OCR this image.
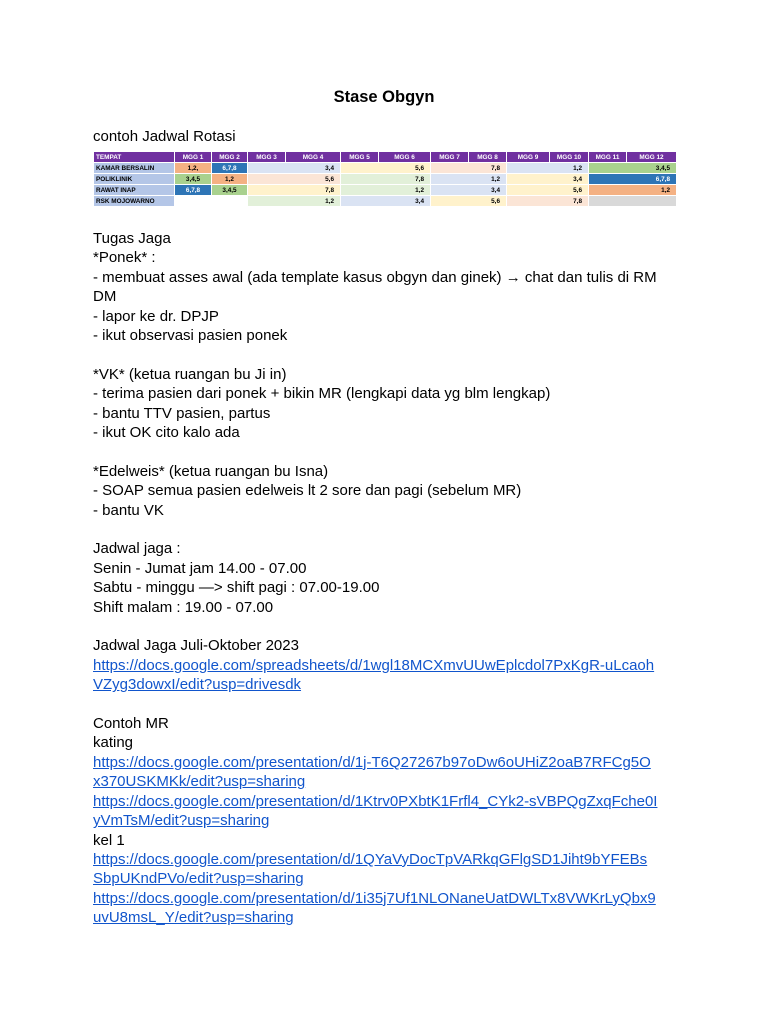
Stase Obgyn
contoh Jadwal Rotasi
TEMPAT	MGG 1	MGG 2	MGG 3	MGG 4	MGG 5	MGG 6	MGG 7	MGG 8	MGG 9	MGG 10	MGG 11	MGG 12
KAMAR BERSALIN	1,2,	6,7,8	3,4		5,6		7,8		1,2		3,4,5	
POLIKLINIK	3,4,5	1,2	5,6		7,8		1,2		3,4		6,7,8	
RAWAT INAP	6,7,8	3,4,5	7,8		1,2		3,4		5,6		1,2	
RSK MOJOWARNO			1,2		3,4		5,6		7,8			
Tugas Jaga
*Ponek* :
- membuat asses awal (ada template kasus obgyn dan ginek) → chat dan tulis di RM
DM
- lapor ke dr. DPJP
- ikut observasi pasien ponek
*VK* (ketua ruangan bu Ji in)
- terima pasien dari ponek + bikin MR (lengkapi data yg blm lengkap)
- bantu TTV pasien, partus
- ikut OK cito kalo ada
*Edelweis* (ketua ruangan bu Isna)
- SOAP semua pasien edelweis lt 2 sore dan pagi (sebelum MR)
- bantu VK
Jadwal jaga :
Senin - Jumat jam 14.00 - 07.00
Sabtu - minggu —> shift pagi : 07.00-19.00
Shift malam : 19.00 - 07.00
Jadwal Jaga Juli-Oktober 2023
https://docs.google.com/spreadsheets/d/1wgl18MCXmvUUwEplcdol7PxKgR-uLcaoh
VZyg3dowxI/edit?usp=drivesdk
Contoh MR
kating
https://docs.google.com/presentation/d/1j-T6Q27267b97oDw6oUHiZ2oaB7RFCg5O
x370USKMKk/edit?usp=sharing
https://docs.google.com/presentation/d/1Ktrv0PXbtK1Frfl4_CYk2-sVBPQgZxqFche0I
yVmTsM/edit?usp=sharing
kel 1
https://docs.google.com/presentation/d/1QYaVyDocTpVARkqGFlgSD1Jiht9bYFEBs
SbpUKndPVo/edit?usp=sharing
https://docs.google.com/presentation/d/1i35j7Uf1NLONaneUatDWLTx8VWKrLyQbx9
uvU8msL_Y/edit?usp=sharing
